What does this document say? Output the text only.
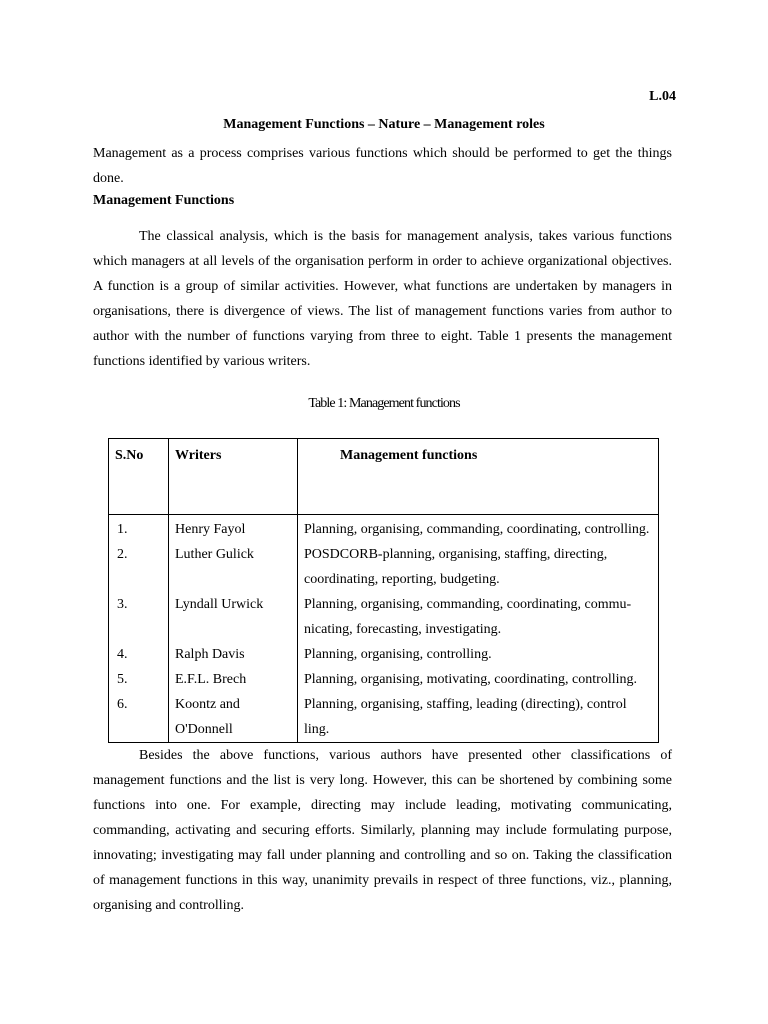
L.04
Management Functions – Nature – Management roles

Management as a process comprises various functions which should be performed to get the things done.

Management Functions

The classical analysis, which is the basis for management analysis, takes various functions which managers at all levels of the organisation perform in order to achieve organizational objectives. A function is a group of similar activities. However, what functions are undertaken by managers in organisations, there is divergence of views. The list of management functions varies from author to author with the number of functions varying from three to eight. Table 1 presents the management functions identified by various writers.

Table 1: Management functions
S.No	Writers	Management functions
1.	Henry Fayol	Planning, organising, commanding, coordinating, controlling.
2.	Luther Gulick	POSDCORB-planning, organising, staffing, directing, coordinating, reporting, budgeting.
3.	Lyndall Urwick	Planning, organising, commanding, coordinating, commu- nicating, forecasting, investigating.
4.	Ralph Davis	Planning, organising, controlling.
5.	E.F.L. Brech	Planning, organising, motivating, coordinating, controlling.
6.	Koontz and O'Donnell	Planning, organising, staffing, leading (directing), control ling.

Besides the above functions, various authors have presented other classifications of management functions and the list is very long. However, this can be shortened by combining some functions into one. For example, directing may include leading, motivating communicating, commanding, activating and securing efforts. Similarly, planning may include formulating purpose, innovating; investigating may fall under planning and controlling and so on. Taking the classification of management functions in this way, unanimity prevails in respect of three functions, viz., planning, organising and controlling.
